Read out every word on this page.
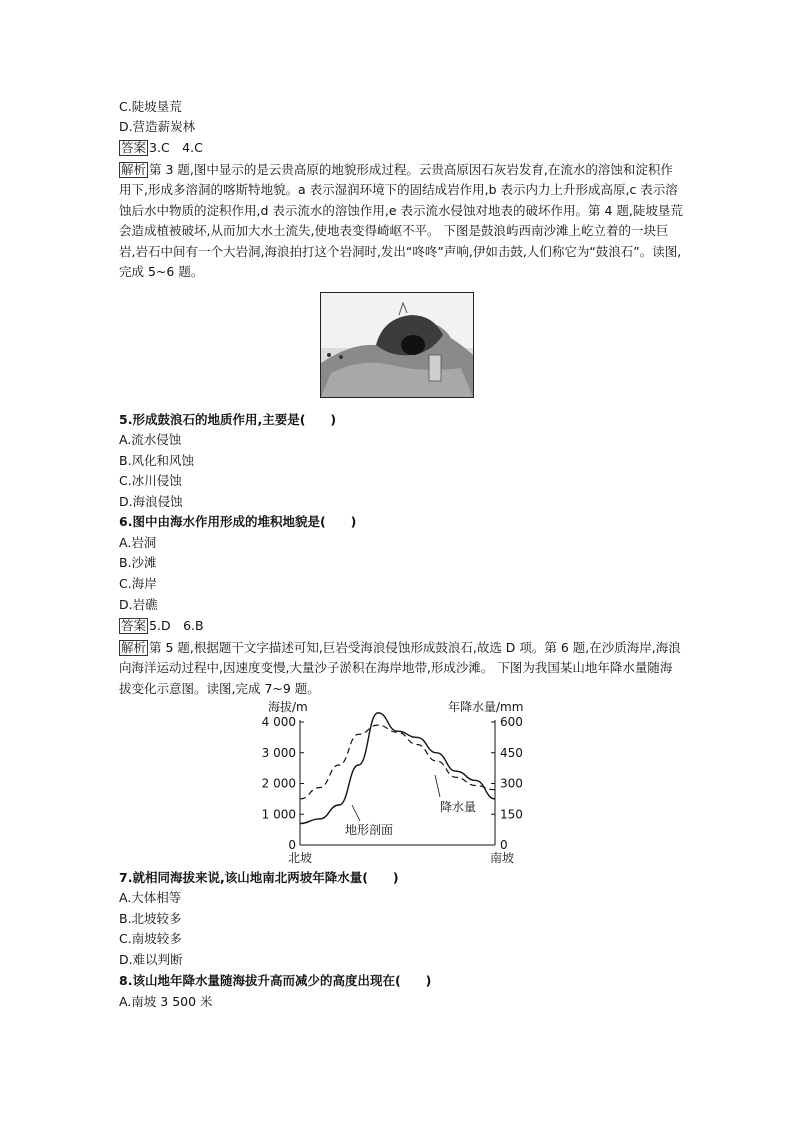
C.陡坡垦荒
D.营造薪炭林
答案 3.C　4.C
解析 第 3 题,图中显示的是云贵高原的地貌形成过程。云贵高原因石灰岩发育,在流水的溶蚀和淀积作用下,形成多溶洞的喀斯特地貌。a 表示湿润环境下的固结成岩作用,b 表示内力上升形成高原,c 表示溶蚀后水中物质的淀积作用,d 表示流水的溶蚀作用,e 表示流水侵蚀对地表的破坏作用。第 4 题,陡坡垦荒会造成植被破坏,从而加大水土流失,使地表变得崎岖不平。 下图是鼓浪屿西南沙滩上屹立着的一块巨岩,岩石中间有一个大岩洞,海浪拍打这个岩洞时,发出“咚咚”声响,伊如击鼓,人们称它为“鼓浪石”。读图,完成 5~6 题。
5.形成鼓浪石的地质作用,主要是(　　)
A.流水侵蚀
B.风化和风蚀
C.冰川侵蚀
D.海浪侵蚀
6.图中由海水作用形成的堆积地貌是(　　)
A.岩洞
B.沙滩
C.海岸
D.岩礁
答案 5.D　6.B
解析 第 5 题,根据题干文字描述可知,巨岩受海浪侵蚀形成鼓浪石,故选 D 项。第 6 题,在沙质海岸,海浪向海洋运动过程中,因速度变慢,大量沙子淤积在海岸地带,形成沙滩。 下图为我国某山地年降水量随海拔变化示意图。读图,完成 7~9 题。
海拔/m	年降水量/mm
4 000
3 000
2 000
1 000
0
600
450
300
150
0
降水量
地形剖面
北坡	南坡
7.就相同海拔来说,该山地南北两坡年降水量(　　)
A.大体相等
B.北坡较多
C.南坡较多
D.难以判断
8.该山地年降水量随海拔升高而减少的高度出现在(　　)
A.南坡 3 500 米
